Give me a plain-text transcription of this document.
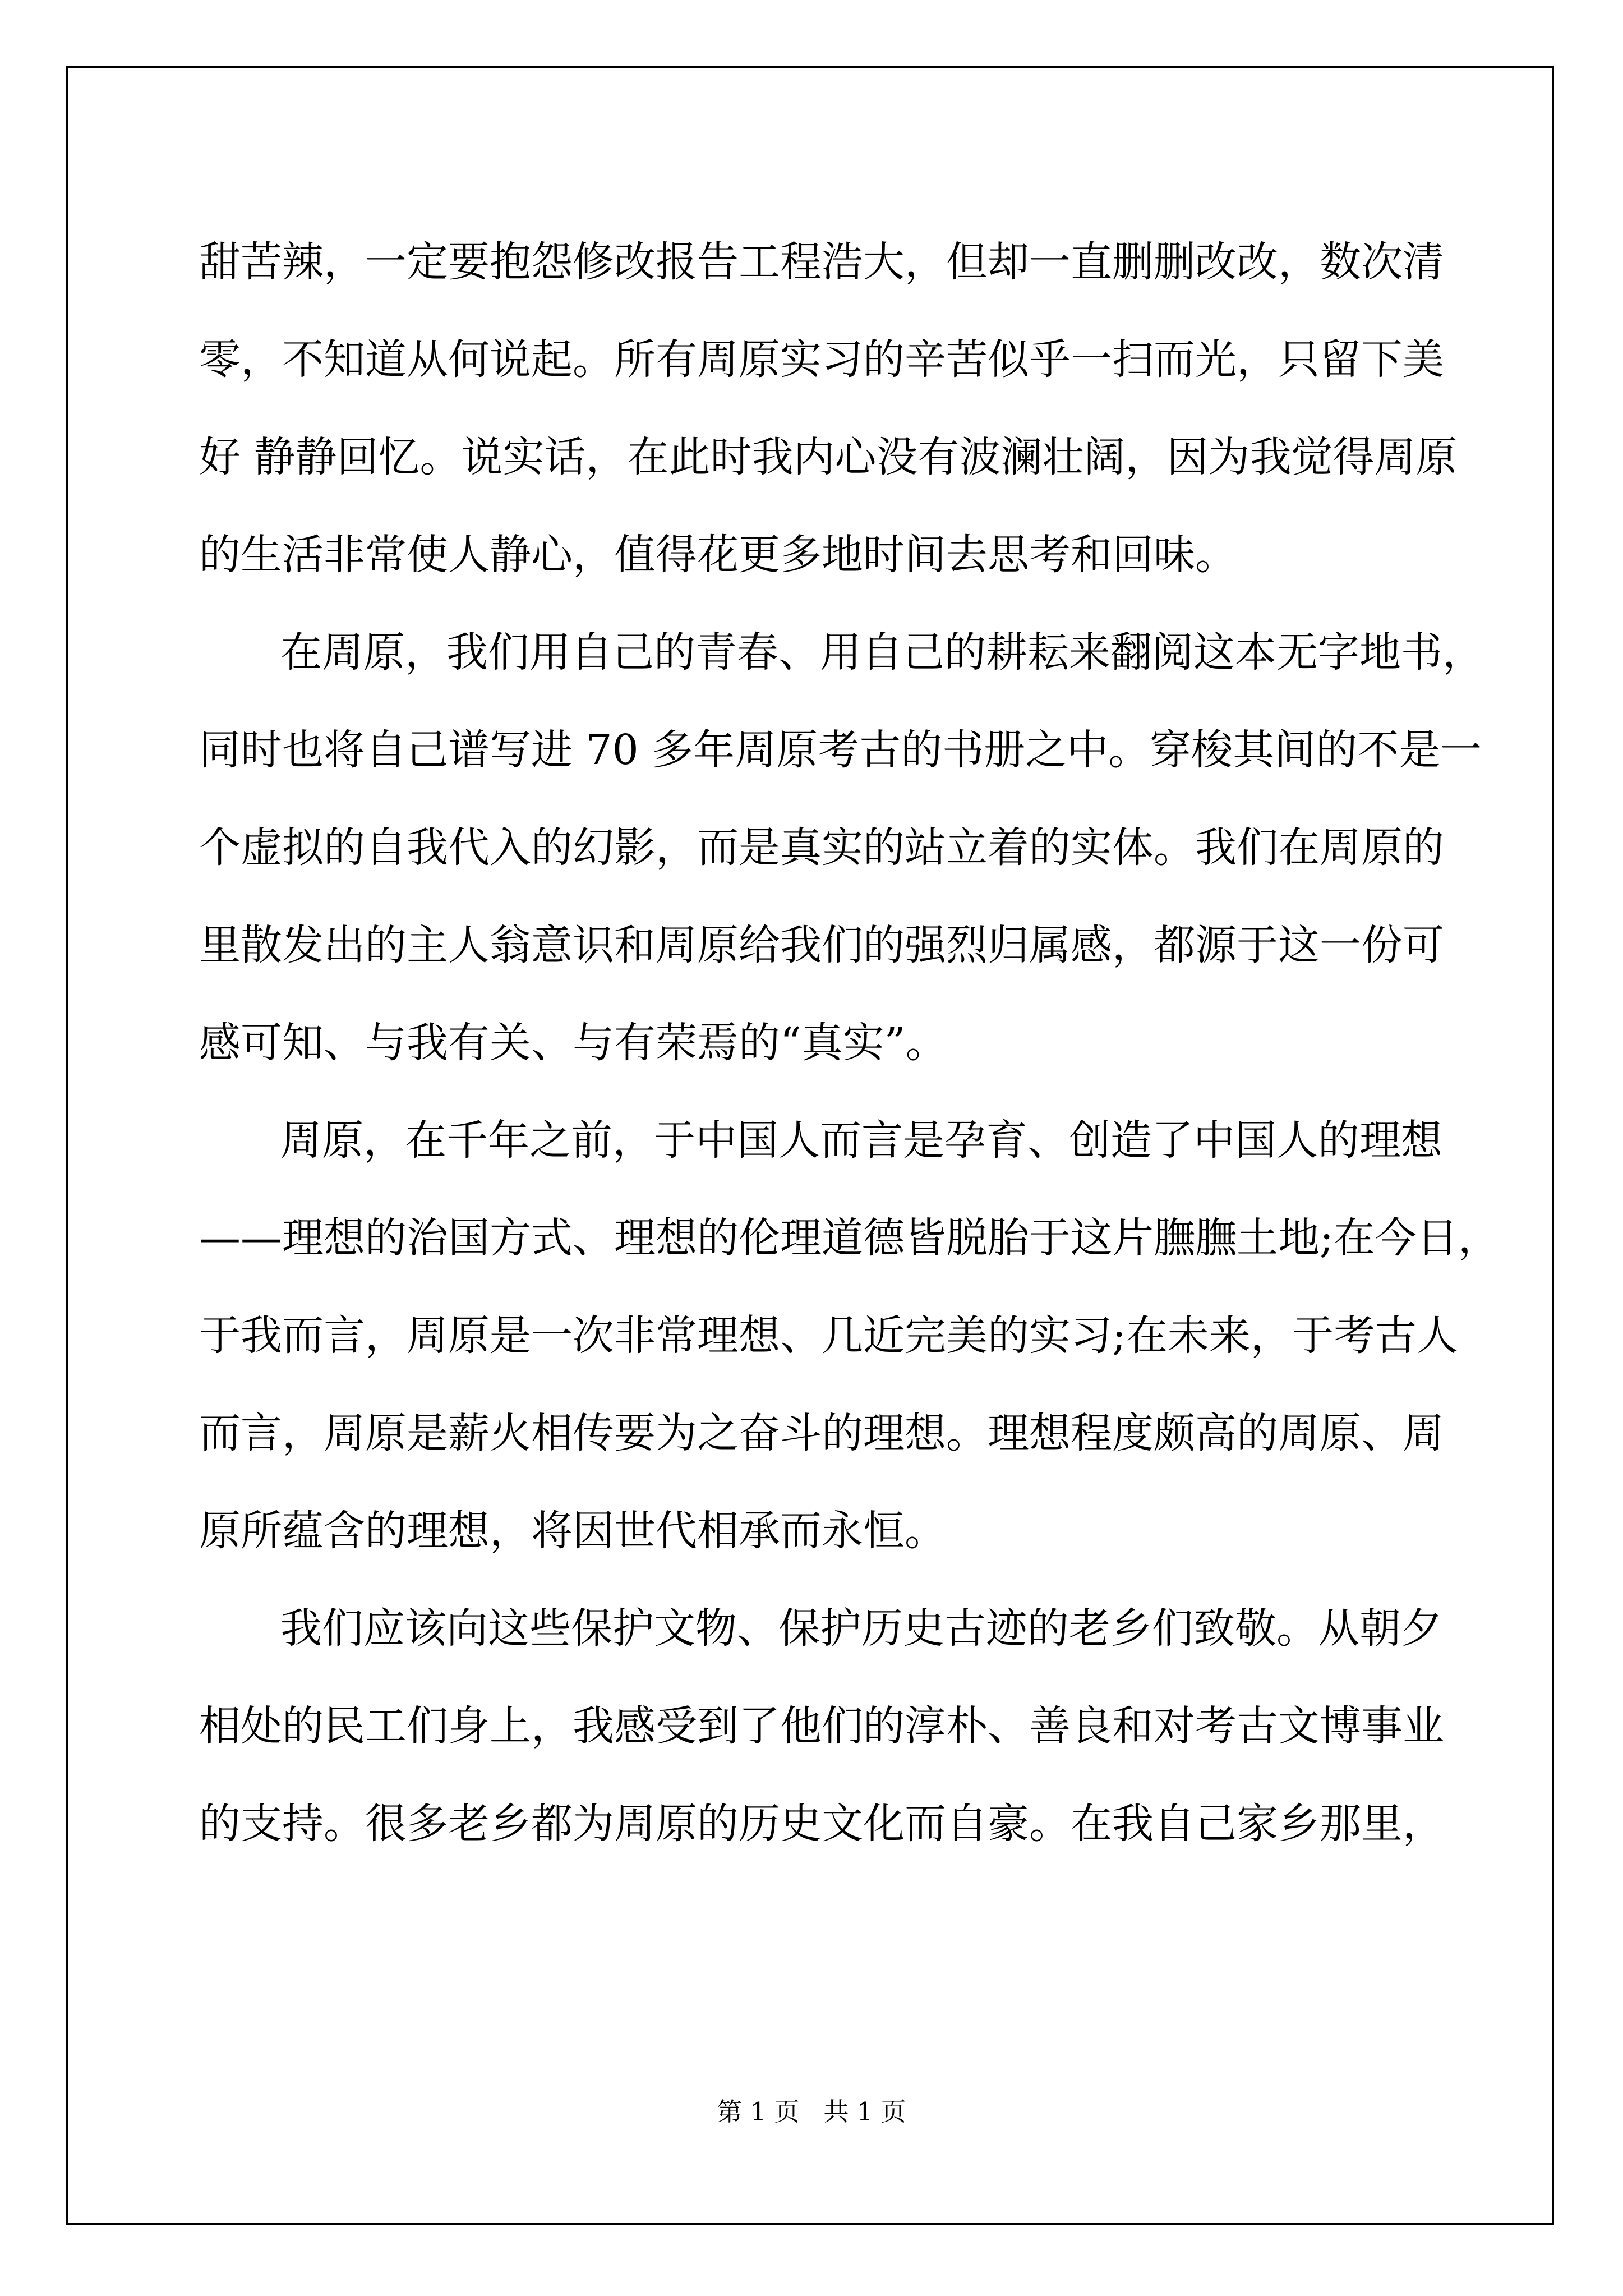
甜苦辣，一定要抱怨修改报告工程浩大，但却一直删删改改，数次清
零，不知道从何说起。所有周原实习的辛苦似乎一扫而光，只留下美
好 静静回忆。说实话，在此时我内心没有波澜壮阔，因为我觉得周原
的生活非常使人静心，值得花更多地时间去思考和回味。
在周原，我们用自己的青春、用自己的耕耘来翻阅这本无字地书，
同时也将自己谱写进 70 多年周原考古的书册之中。穿梭其间的不是一
个虚拟的自我代入的幻影，而是真实的站立着的实体。我们在周原的
里散发出的主人翁意识和周原给我们的强烈归属感，都源于这一份可
感可知、与我有关、与有荣焉的“真实”。
周原，在千年之前，于中国人而言是孕育、创造了中国人的理想
——理想的治国方式、理想的伦理道德皆脱胎于这片膴膴土地;在今日，
于我而言，周原是一次非常理想、几近完美的实习;在未来，于考古人
而言，周原是薪火相传要为之奋斗的理想。理想程度颇高的周原、周
原所蕴含的理想，将因世代相承而永恒。
我们应该向这些保护文物、保护历史古迹的老乡们致敬。从朝夕
相处的民工们身上，我感受到了他们的淳朴、善良和对考古文博事业
的支持。很多老乡都为周原的历史文化而自豪。在我自己家乡那里，
第 1 页   共 1 页
